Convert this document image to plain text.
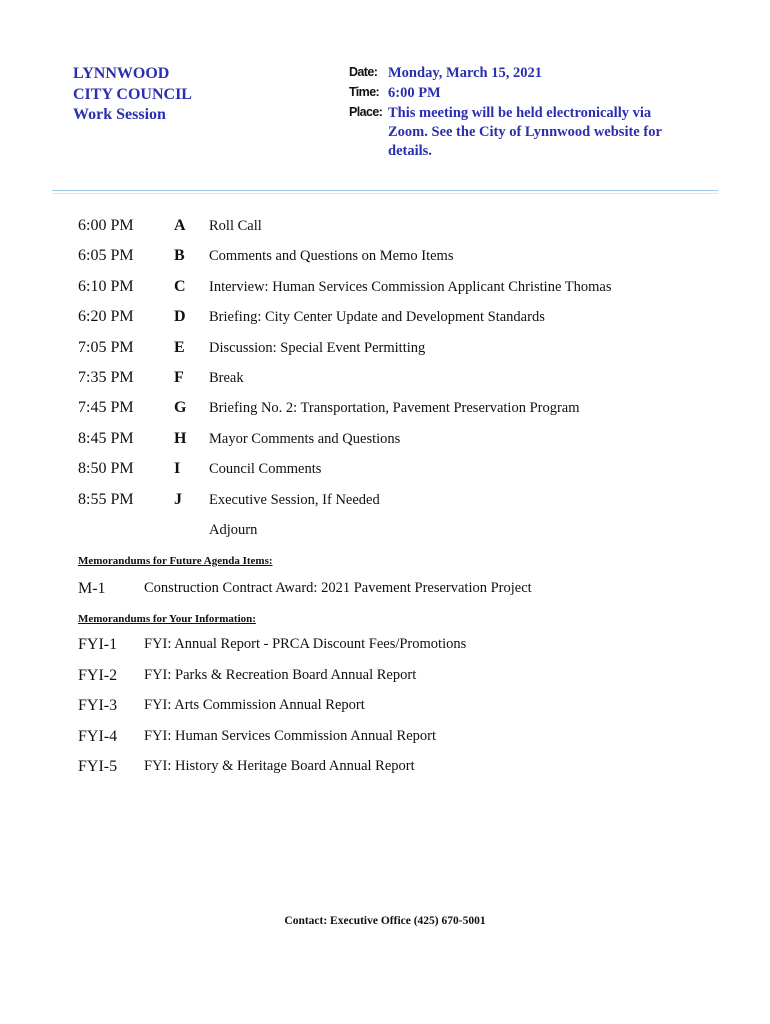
LYNNWOOD
CITY COUNCIL
Work Session
Date: Monday, March 15, 2021
Time: 6:00 PM
Place: This meeting will be held electronically via Zoom. See the City of Lynnwood website for details.
6:00 PM	A Roll Call
6:05 PM	B Comments and Questions on Memo Items
6:10 PM	C Interview: Human Services Commission Applicant Christine Thomas
6:20 PM	D Briefing: City Center Update and Development Standards
7:05 PM	E Discussion: Special Event Permitting
7:35 PM	F Break
7:45 PM	G Briefing No. 2: Transportation, Pavement Preservation Program
8:45 PM	H Mayor Comments and Questions
8:50 PM	I Council Comments
8:55 PM	J Executive Session, If Needed
Adjourn
Memorandums for Future Agenda Items:
M-1	Construction Contract Award: 2021 Pavement Preservation Project
Memorandums for Your Information:
FYI-1 FYI: Annual Report - PRCA Discount Fees/Promotions
FYI-2 FYI: Parks & Recreation Board Annual Report
FYI-3 FYI: Arts Commission Annual Report
FYI-4 FYI: Human Services Commission Annual Report
FYI-5 FYI: History & Heritage Board Annual Report
Contact: Executive Office (425) 670-5001
